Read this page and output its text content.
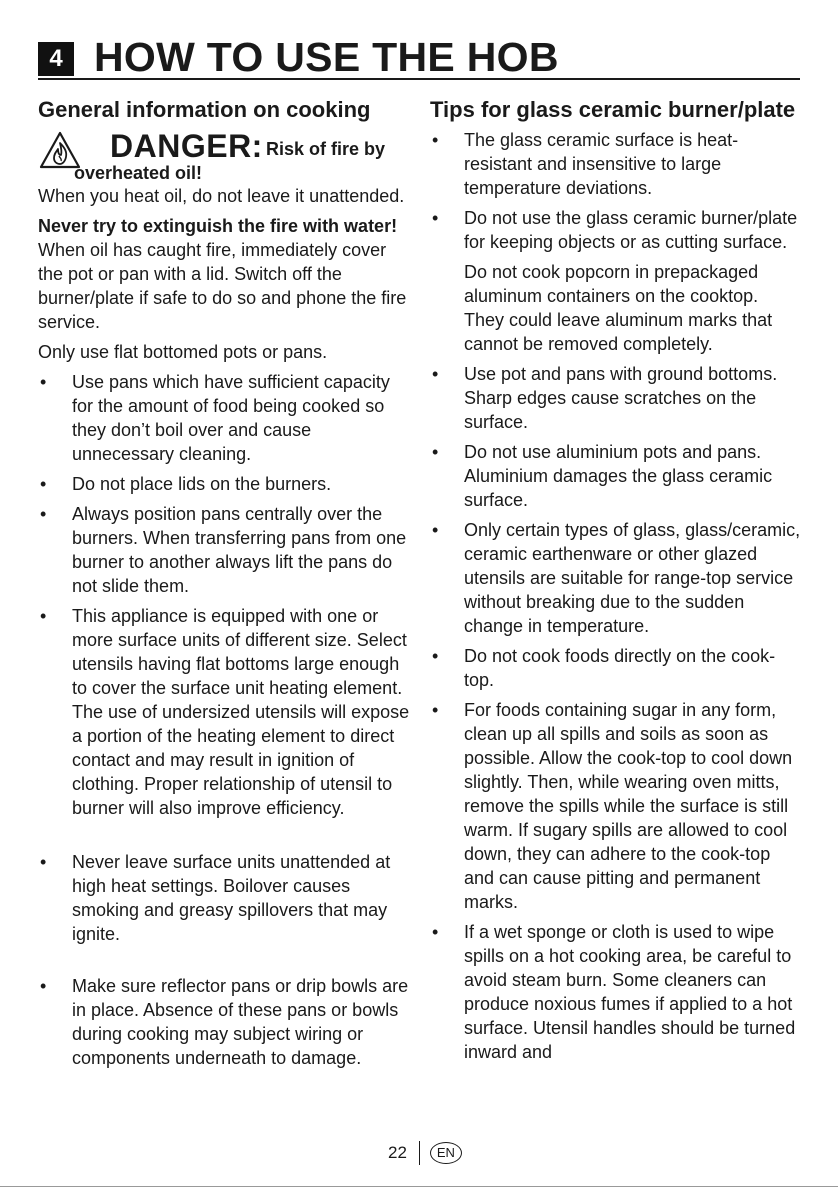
4 HOW TO USE THE HOB
General information on cooking
DANGER: Risk of fire by
overheated oil!

When you heat oil, do not leave it unattended.

Never try to extinguish the fire with water! When oil has caught fire, immediately cover the pot or pan with a lid. Switch off the burner/plate if safe to do so and phone the fire service.

Only use flat bottomed pots or pans.

• Use pans which have sufficient capacity for the amount of food being cooked so they don’t boil over and cause unnecessary cleaning.
• Do not place lids on the burners.
• Always position pans centrally over the burners. When transferring pans from one burner to another always lift the pans do not slide them.
• This appliance is equipped with one or more surface units of different size. Select utensils having flat bottoms large enough to cover the surface unit heating element. The use of undersized utensils will expose a portion of the heating element to direct contact and may result in ignition of clothing. Proper relationship of utensil to burner will also improve efficiency.
• Never leave surface units unattended at high heat settings. Boilover causes smoking and greasy spillovers that may ignite.
• Make sure reflector pans or drip bowls are in place. Absence of these pans or bowls during cooking may subject wiring or components underneath to damage.
Tips for glass ceramic burner/plate
• The glass ceramic surface is heat-resistant and insensitive to large temperature deviations.
• Do not use the glass ceramic burner/plate for keeping objects or as cutting surface.
Do not cook popcorn in prepackaged aluminum containers on the cooktop. They could leave aluminum marks that cannot be removed completely.
• Use pot and pans with ground bottoms. Sharp edges cause scratches on the surface.
• Do not use aluminium pots and pans. Aluminium damages the glass ceramic surface.
• Only certain types of glass, glass/ceramic, ceramic earthenware or other glazed utensils are suitable for range-top service without breaking due to the sudden change in temperature.
• Do not cook foods directly on the cook-top.
• For foods containing sugar in any form, clean up all spills and soils as soon as possible. Allow the cook-top to cool down slightly. Then, while wearing oven mitts, remove the spills while the surface is still warm. If sugary spills are allowed to cool down, they can adhere to the cook-top and can cause pitting and permanent marks.
• If a wet sponge or cloth is used to wipe spills on a hot cooking area, be careful to avoid steam burn. Some cleaners can produce noxious fumes if applied to a hot surface. Utensil handles should be turned inward and
22	EN
